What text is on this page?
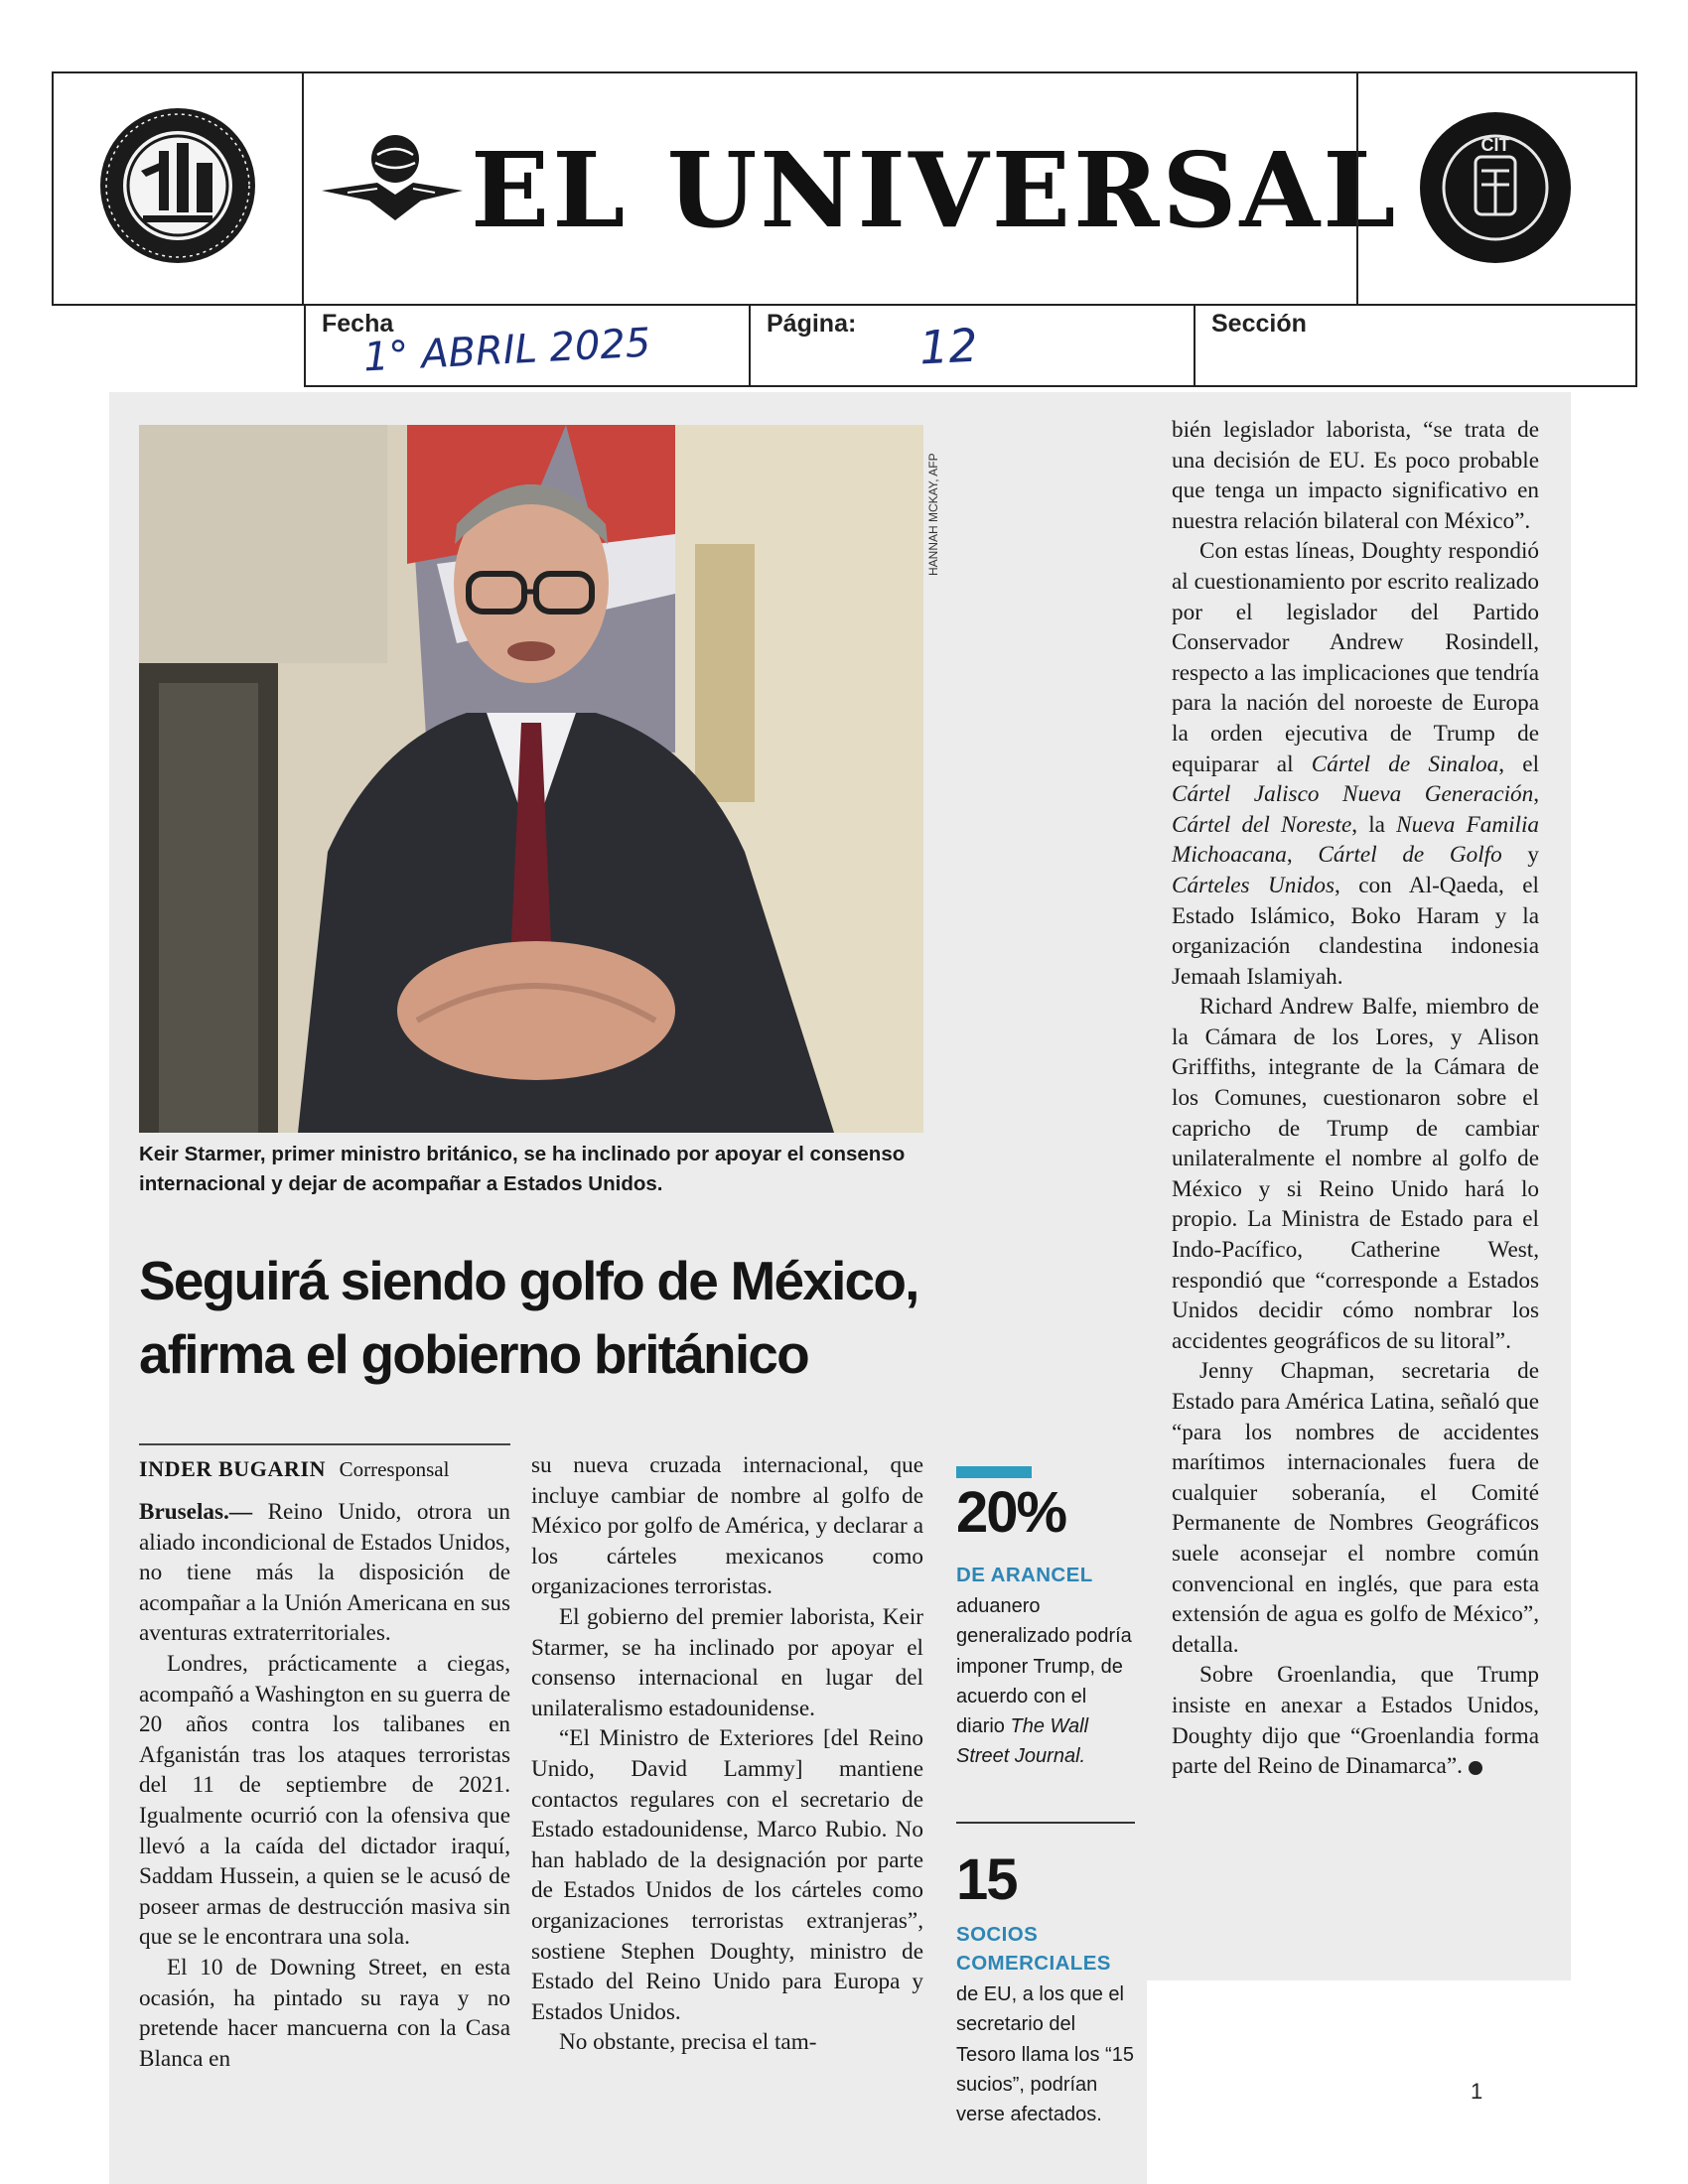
EL UNIVERSAL	CIT
Fecha
1° ABRIL 2025	Página: 12	Sección
HANNAH MCKAY, AFP
Keir Starmer, primer ministro británico, se ha inclinado por apoyar el consenso internacional y dejar de acompañar a Estados Unidos.
Seguirá siendo golfo de México,
afirma el gobierno británico
INDER BUGARIN Corresponsal

Bruselas.— Reino Unido, otrora un aliado incondicional de Estados Unidos, no tiene más la disposición de acompañar a la Unión Americana en sus aventuras extraterritoriales.

Londres, prácticamente a ciegas, acompañó a Washington en su guerra de 20 años contra los talibanes en Afganistán tras los ataques terroristas del 11 de septiembre de 2021. Igualmente ocurrió con la ofensiva que llevó a la caída del dictador iraquí, Saddam Hussein, a quien se le acusó de poseer armas de destrucción masiva sin que se le encontrara una sola.

El 10 de Downing Street, en esta ocasión, ha pintado su raya y no pretende hacer mancuerna con la Casa Blanca en

su nueva cruzada internacional, que incluye cambiar de nombre al golfo de México por golfo de América, y declarar a los cárteles mexicanos como organizaciones terroristas.

El gobierno del premier laborista, Keir Starmer, se ha inclinado por apoyar el consenso internacional en lugar del unilateralismo estadounidense.

“El Ministro de Exteriores [del Reino Unido, David Lammy] mantiene contactos regulares con el secretario de Estado estadounidense, Marco Rubio. No han hablado de la designación por parte de Estados Unidos de los cárteles como organizaciones terroristas extranjeras”, sostiene Stephen Doughty, ministro de Estado del Reino Unido para Europa y Estados Unidos.

No obstante, precisa el tam-

20%
DE ARANCEL
aduanero generalizado podría imponer Trump, de acuerdo con el diario The Wall Street Journal.
15
SOCIOS
COMERCIALES
de EU, a los que el secretario del Tesoro llama los “15 sucios”, podrían verse afectados.

bién legislador laborista, “se trata de una decisión de EU. Es poco probable que tenga un impacto significativo en nuestra relación bilateral con México”.

Con estas líneas, Doughty respondió al cuestionamiento por escrito realizado por el legislador del Partido Conservador Andrew Rosindell, respecto a las implicaciones que tendría para la nación del noroeste de Europa la orden ejecutiva de Trump de equiparar al Cártel de Sinaloa, el Cártel Jalisco Nueva Generación, Cártel del Noreste, la Nueva Familia Michoacana, Cártel de Golfo y Cárteles Unidos, con Al-Qaeda, el Estado Islámico, Boko Haram y la organización clandestina indonesia Jemaah Islamiyah.

Richard Andrew Balfe, miembro de la Cámara de los Lores, y Alison Griffiths, integrante de la Cámara de los Comunes, cuestionaron sobre el capricho de Trump de cambiar unilateralmente el nombre al golfo de México y si Reino Unido hará lo propio. La Ministra de Estado para el Indo-Pacífico, Catherine West, respondió que “corresponde a Estados Unidos decidir cómo nombrar los accidentes geográficos de su litoral”.

Jenny Chapman, secretaria de Estado para América Latina, señaló que “para los nombres de accidentes marítimos internacionales fuera de cualquier soberanía, el Comité Permanente de Nombres Geográficos suele aconsejar el nombre común convencional en inglés, que para esta extensión de agua es golfo de México”, detalla.

Sobre Groenlandia, que Trump insiste en anexar a Estados Unidos, Doughty dijo que “Groenlandia forma parte del Reino de Dinamarca”.

1
